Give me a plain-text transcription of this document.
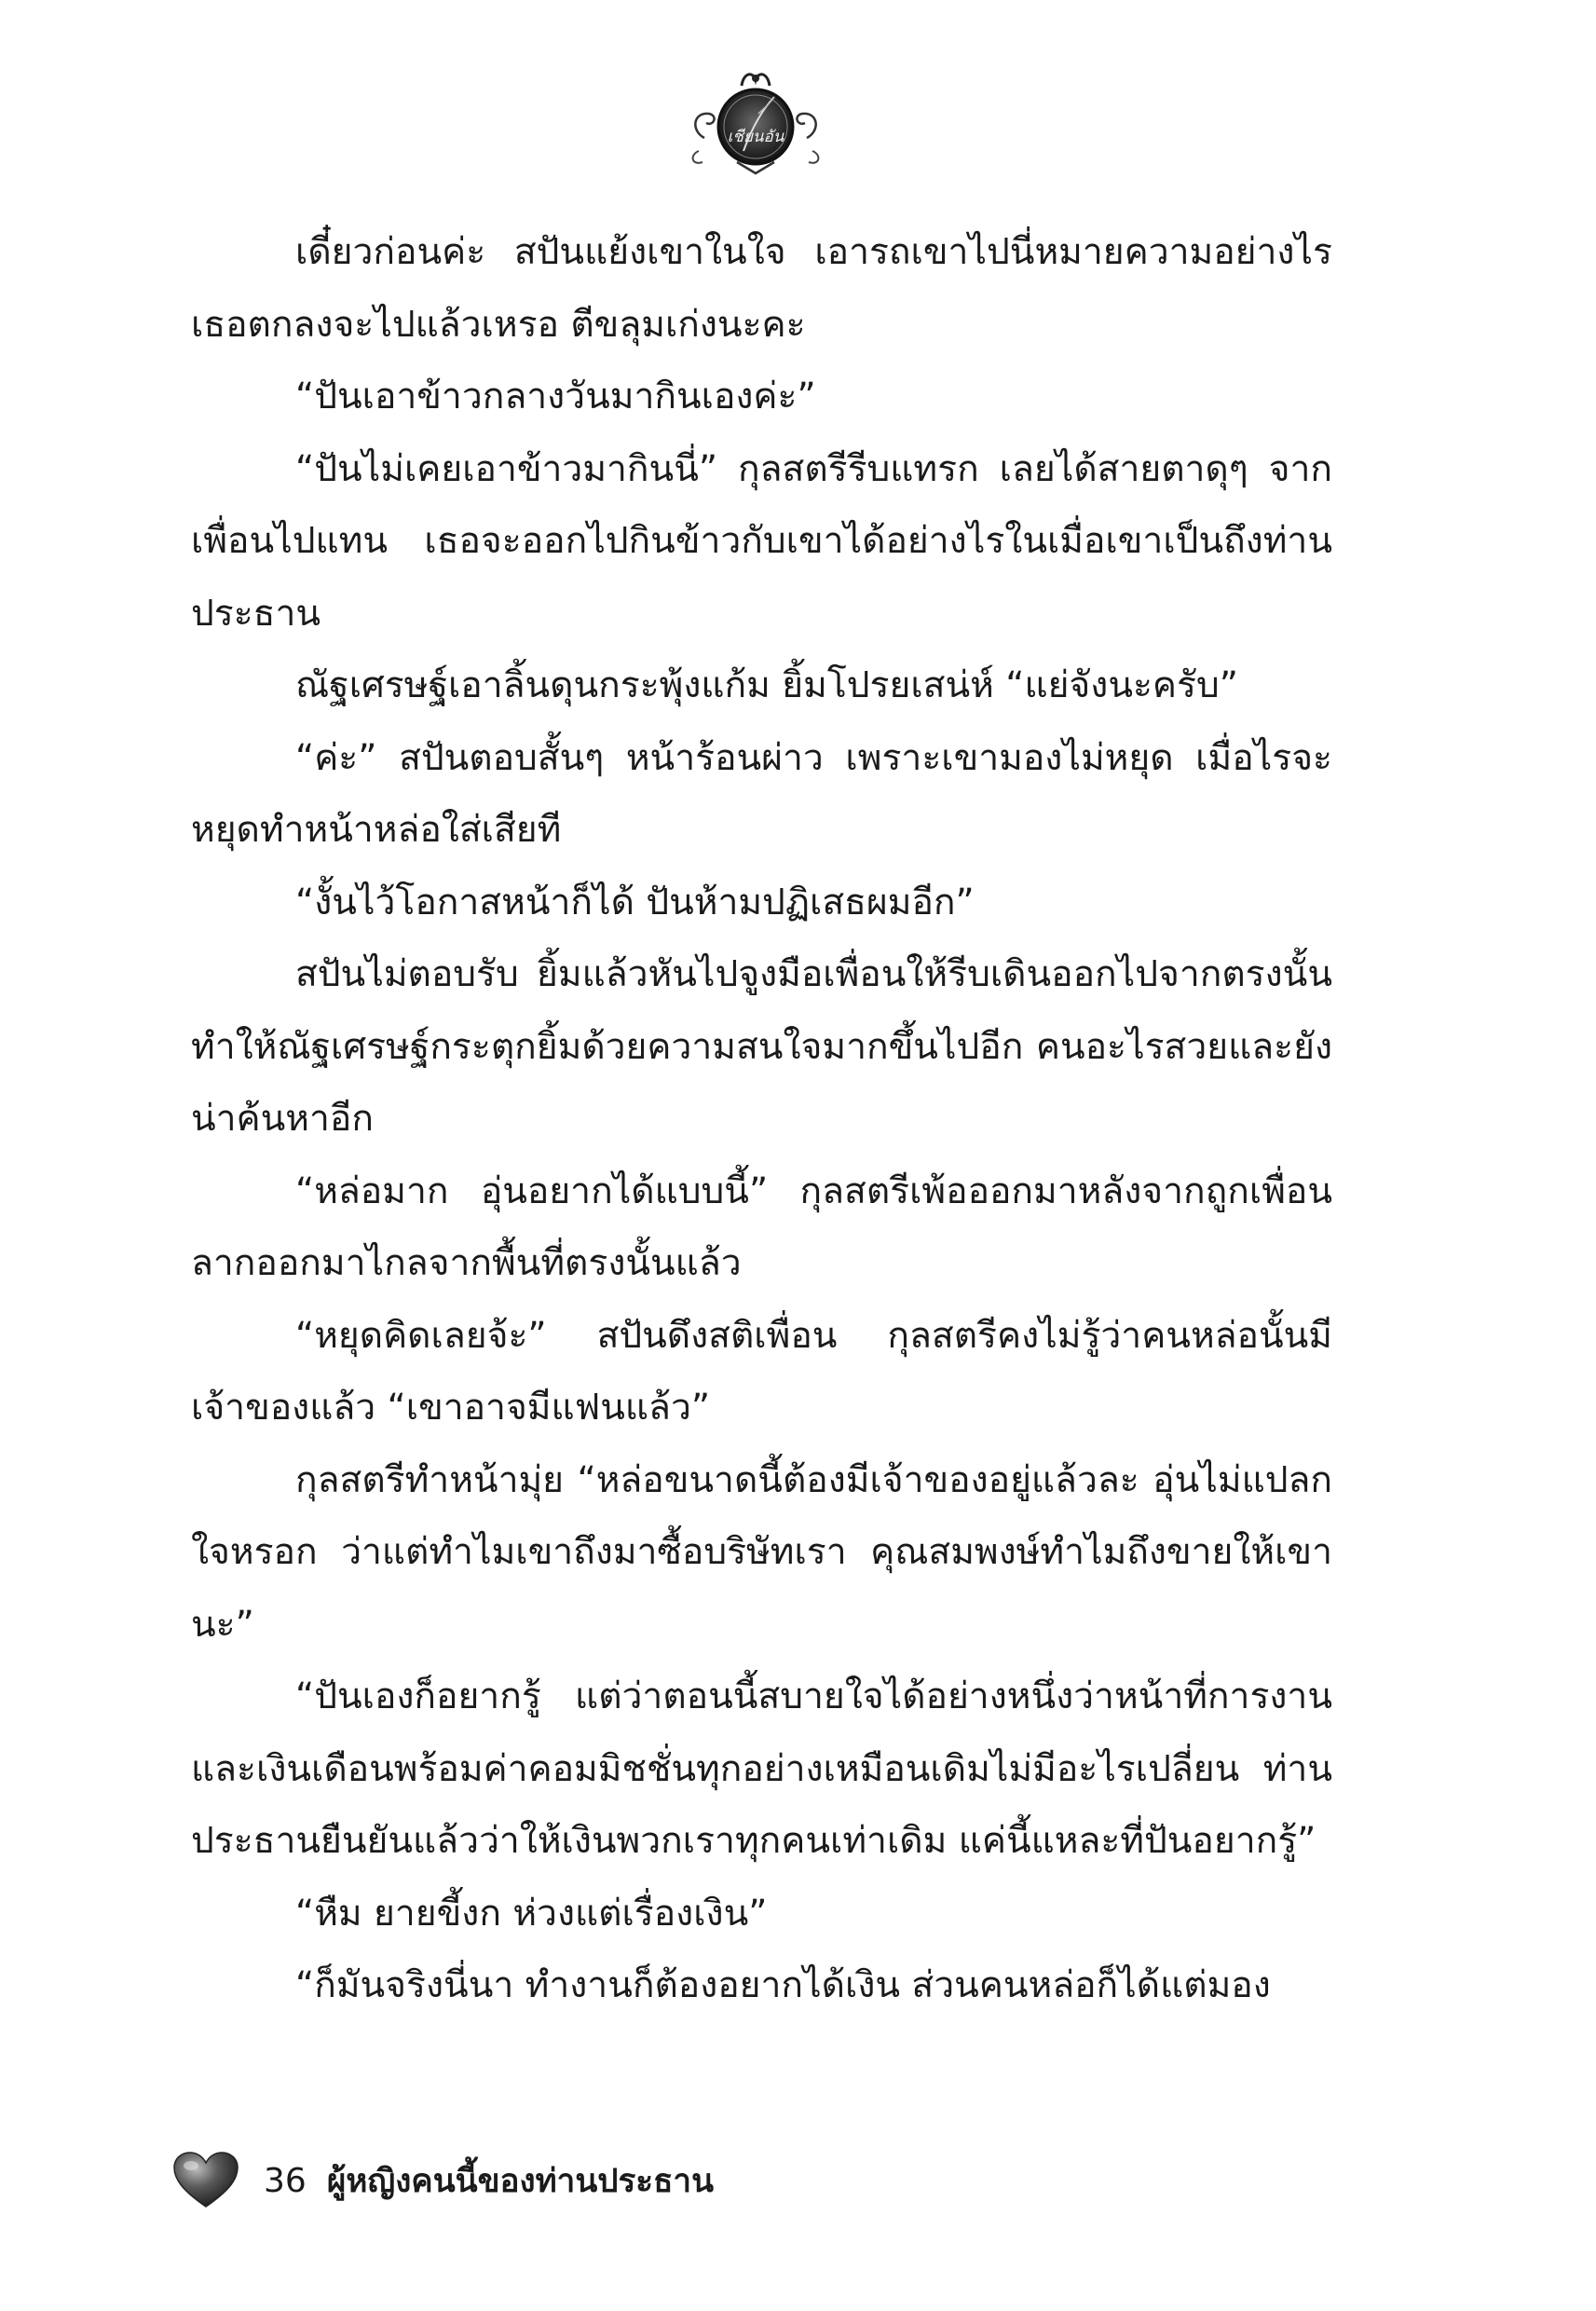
เชียนอัน

เดี๋ยวก่อนค่ะ สปันแย้งเขาในใจ เอารถเขาไปนี่หมายความอย่างไร เธอตกลงจะไปแล้วเหรอ ตีขลุมเก่งนะคะ

“ปันเอาข้าวกลางวันมากินเองค่ะ”

“ปันไม่เคยเอาข้าวมากินนี่” กุลสตรีรีบแทรก เลยได้สายตาดุๆ จากเพื่อนไปแทน เธอจะออกไปกินข้าวกับเขาได้อย่างไรในเมื่อเขาเป็นถึงท่านประธาน

ณัฐเศรษฐ์เอาลิ้นดุนกระพุ้งแก้ม ยิ้มโปรยเสน่ห์ “แย่จังนะครับ”

“ค่ะ” สปันตอบสั้นๆ หน้าร้อนผ่าว เพราะเขามองไม่หยุด เมื่อไรจะหยุดทำหน้าหล่อใส่เสียที

“งั้นไว้โอกาสหน้าก็ได้ ปันห้ามปฏิเสธผมอีก”

สปันไม่ตอบรับ ยิ้มแล้วหันไปจูงมือเพื่อนให้รีบเดินออกไปจากตรงนั้น ทำให้ณัฐเศรษฐ์กระตุกยิ้มด้วยความสนใจมากขึ้นไปอีก คนอะไรสวยและยังน่าค้นหาอีก

“หล่อมาก อุ่นอยากได้แบบนี้” กุลสตรีเพ้อออกมาหลังจากถูกเพื่อนลากออกมาไกลจากพื้นที่ตรงนั้นแล้ว

“หยุดคิดเลยจ้ะ” สปันดึงสติเพื่อน กุลสตรีคงไม่รู้ว่าคนหล่อนั้นมีเจ้าของแล้ว “เขาอาจมีแฟนแล้ว”

กุลสตรีทำหน้ามุ่ย “หล่อขนาดนี้ต้องมีเจ้าของอยู่แล้วละ อุ่นไม่แปลกใจหรอก ว่าแต่ทำไมเขาถึงมาซื้อบริษัทเรา คุณสมพงษ์ทำไมถึงขายให้เขานะ”

“ปันเองก็อยากรู้ แต่ว่าตอนนี้สบายใจได้อย่างหนึ่งว่าหน้าที่การงานและเงินเดือนพร้อมค่าคอมมิชชั่นทุกอย่างเหมือนเดิมไม่มีอะไรเปลี่ยน ท่านประธานยืนยันแล้วว่าให้เงินพวกเราทุกคนเท่าเดิม แค่นี้แหละที่ปันอยากรู้”

“หืม ยายขี้งก ห่วงแต่เรื่องเงิน”

“ก็มันจริงนี่นา ทำงานก็ต้องอยากได้เงิน ส่วนคนหล่อก็ได้แต่มอง

36 ผู้หญิงคนนี้ของท่านประธาน
